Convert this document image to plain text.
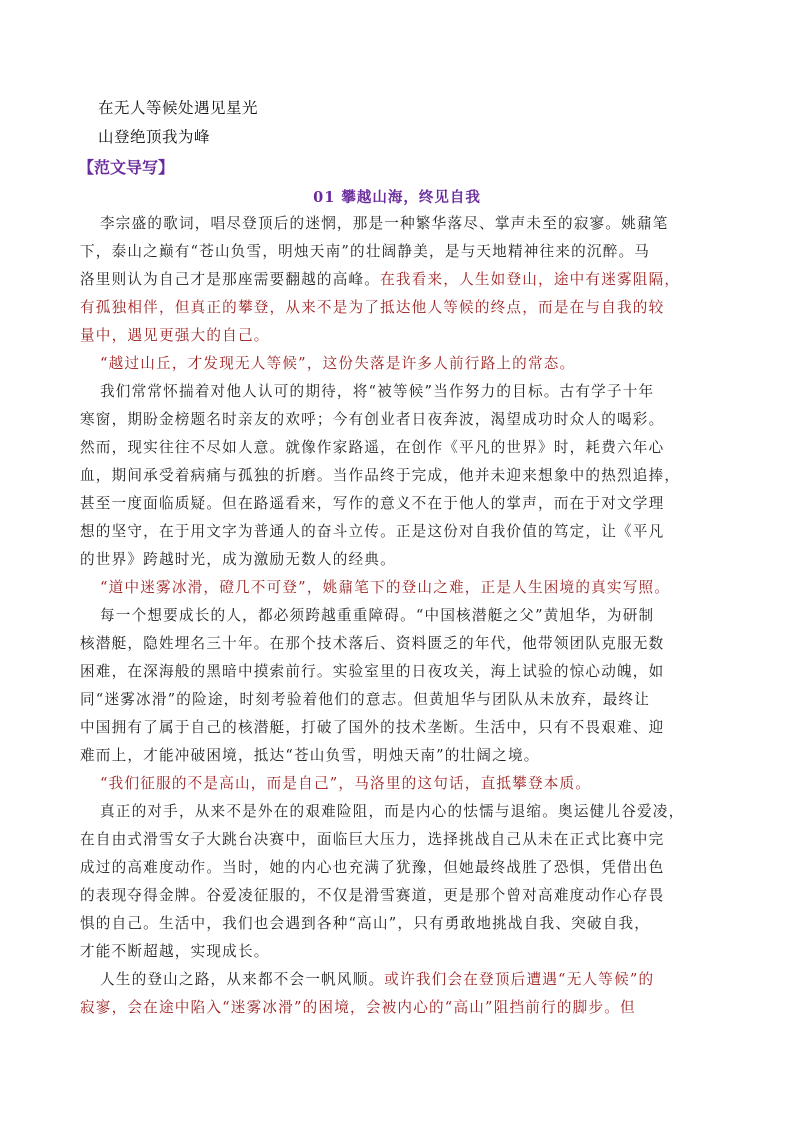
在无人等候处遇见星光
山登绝顶我为峰
【范文导写】
01 攀越山海，终见自我
李宗盛的歌词，唱尽登顶后的迷惘，那是一种繁华落尽、掌声未至的寂寥。姚鼐笔
下，泰山之巅有“苍山负雪，明烛天南”的壮阔静美，是与天地精神往来的沉醉。马
洛里则认为自己才是那座需要翻越的高峰。在我看来，人生如登山，途中有迷雾阻隔，
有孤独相伴，但真正的攀登，从来不是为了抵达他人等候的终点，而是在与自我的较
量中，遇见更强大的自己。
“越过山丘，才发现无人等候”，这份失落是许多人前行路上的常态。
我们常常怀揣着对他人认可的期待，将“被等候”当作努力的目标。古有学子十年
寒窗，期盼金榜题名时亲友的欢呼；今有创业者日夜奔波，渴望成功时众人的喝彩。
然而，现实往往不尽如人意。就像作家路遥，在创作《平凡的世界》时，耗费六年心
血，期间承受着病痛与孤独的折磨。当作品终于完成，他并未迎来想象中的热烈追捧，
甚至一度面临质疑。但在路遥看来，写作的意义不在于他人的掌声，而在于对文学理
想的坚守，在于用文字为普通人的奋斗立传。正是这份对自我价值的笃定，让《平凡
的世界》跨越时光，成为激励无数人的经典。
“道中迷雾冰滑，磴几不可登”，姚鼐笔下的登山之难，正是人生困境的真实写照。
每一个想要成长的人，都必须跨越重重障碍。“中国核潜艇之父”黄旭华，为研制
核潜艇，隐姓埋名三十年。在那个技术落后、资料匮乏的年代，他带领团队克服无数
困难，在深海般的黑暗中摸索前行。实验室里的日夜攻关，海上试验的惊心动魄，如
同“迷雾冰滑”的险途，时刻考验着他们的意志。但黄旭华与团队从未放弃，最终让
中国拥有了属于自己的核潜艇，打破了国外的技术垄断。生活中，只有不畏艰难、迎
难而上，才能冲破困境，抵达“苍山负雪，明烛天南”的壮阔之境。
“我们征服的不是高山，而是自己”，马洛里的这句话，直抵攀登本质。
真正的对手，从来不是外在的艰难险阻，而是内心的怯懦与退缩。奥运健儿谷爱凌，
在自由式滑雪女子大跳台决赛中，面临巨大压力，选择挑战自己从未在正式比赛中完
成过的高难度动作。当时，她的内心也充满了犹豫，但她最终战胜了恐惧，凭借出色
的表现夺得金牌。谷爱凌征服的，不仅是滑雪赛道，更是那个曾对高难度动作心存畏
惧的自己。生活中，我们也会遇到各种“高山”，只有勇敢地挑战自我、突破自我，
才能不断超越，实现成长。
人生的登山之路，从来都不会一帆风顺。或许我们会在登顶后遭遇“无人等候”的
寂寥，会在途中陷入“迷雾冰滑”的困境，会被内心的“高山”阻挡前行的脚步。但
